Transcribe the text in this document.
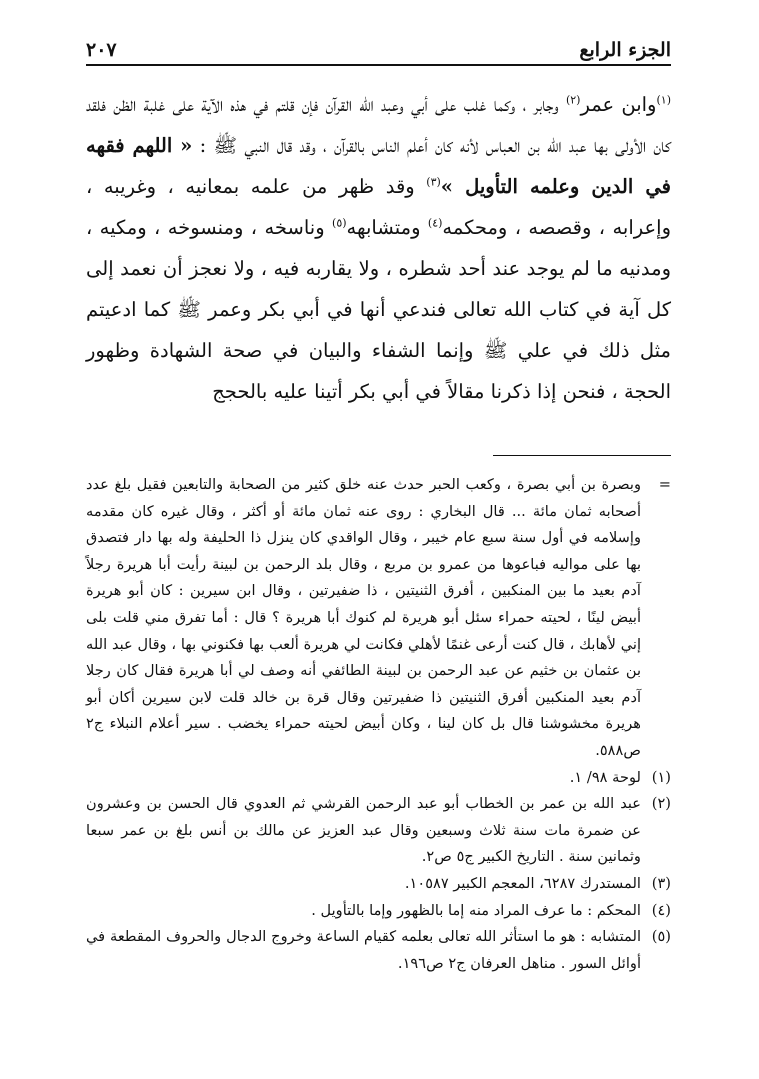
الجزء الرابع
٢٠٧

$^{(١)}$وابن عمر$^{(٢)}$ وجابر ، وكما غلب على أبي وعبد الله القرآن فإن قلتم في هذه الآية على غلبة الظن فلقد كان الأولى بها عبد الله بن العباس لأنه كان أعلم الناس بالقرآن ، وقد قال النبي ﷺ : « اللهم فقهه في الدين وعلمه التأويل »$^{(٣)}$ وقد ظهر من علمه بمعانيه ، وغريبه ، وإعرابه ، وقصصه ، ومحكمه$^{(٤)}$ ومتشابهه$^{(٥)}$ وناسخه ، ومنسوخه ، ومكيه ، ومدنيه ما لم يوجد عند أحد شطره ، ولا يقاربه فيه ، ولا نعجز أن نعمد إلى كل آية في كتاب الله تعالى فندعي أنها في أبي بكر وعمر ﷺ كما ادعيتم مثل ذلك في علي ﷺ وإنما الشفاء والبيان في صحة الشهادة وظهور الحجة ، فنحن إذا ذكرنا مقالاً في أبي بكر أتينا عليه بالحجج

=
وبصرة بن أبي بصرة ، وكعب الحبر حدث عنه خلق كثير من الصحابة والتابعين فقيل بلغ عدد أصحابه ثمان مائة ... قال البخاري : روى عنه ثمان مائة أو أكثر ، وقال غيره كان مقدمه وإسلامه في أول سنة سبع عام خيبر ، وقال الواقدي كان ينزل ذا الحليفة وله بها دار فتصدق بها على مواليه فباعوها من عمرو بن مربع ، وقال بلد الرحمن بن لبينة رأيت أبا هريرة رجلاً آدم بعيد ما بين المنكبين ، أفرق الثنيتين ، ذا ضفيرتين ، وقال ابن سيرين : كان أبو هريرة أبيض لينًا ، لحيته حمراء سئل أبو هريرة لم كنوك أبا هريرة ؟ قال : أما تفرق مني قلت بلى إني لأهابك ، قال كنت أرعى غنمًا لأهلي فكانت لي هريرة ألعب بها فكنوني بها ، وقال عبد الله بن عثمان بن خثيم عن عبد الرحمن بن لبينة الطائفي أنه وصف لي أبا هريرة فقال كان رجلا آدم بعيد المنكبين أفرق الثنيتين ذا ضفيرتين وقال قرة بن خالد قلت لابن سيرين أكان أبو هريرة مخشوشنا قال بل كان لينا ، وكان أبيض لحيته حمراء يخضب . سير أعلام النبلاء ج٢ ص٥٨٨.
(١)
لوحة ٩٨/ ١.
(٢)
عبد الله بن عمر بن الخطاب أبو عبد الرحمن القرشي ثم العدوي قال الحسن بن وعشرون عن ضمرة مات سنة ثلاث وسبعين وقال عبد العزيز عن مالك بن أنس بلغ بن عمر سبعا وثمانين سنة . التاريخ الكبير ج٥ ص٢.
(٣)
المستدرك ٦٢٨٧، المعجم الكبير ١٠٥٨٧.
(٤)
المحكم : ما عرف المراد منه إما بالظهور وإما بالتأويل .
(٥)
المتشابه : هو ما استأثر الله تعالى بعلمه كقيام الساعة وخروج الدجال والحروف المقطعة في أوائل السور . مناهل العرفان ج٢ ص١٩٦.
